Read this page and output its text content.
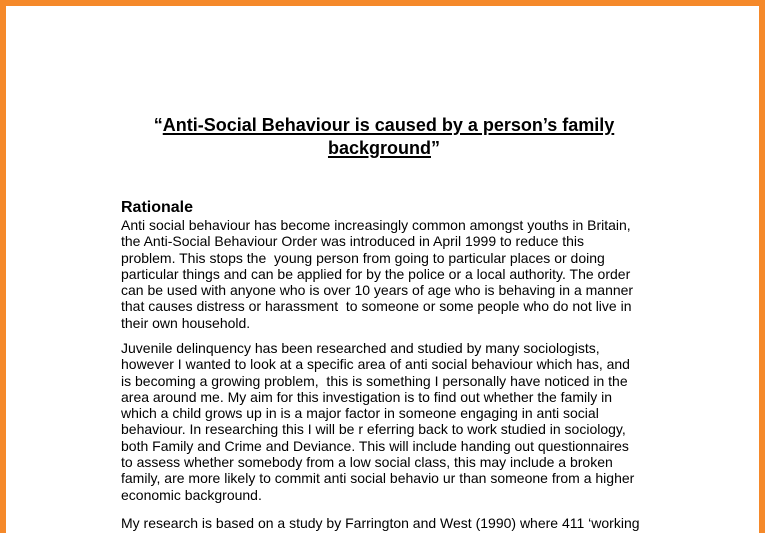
“Anti-Social Behaviour is caused by a person’s family
background”
Rationale

Anti social behaviour has become increasingly common amongst youths in Britain,
the Anti-Social Behaviour Order was introduced in April 1999 to reduce this
problem. This stops the  young person from going to particular places or doing
particular things and can be applied for by the police or a local authority. The order
can be used with anyone who is over 10 years of age who is behaving in a manner
that causes distress or harassment  to someone or some people who do not live in
their own household.

Juvenile delinquency has been researched and studied by many sociologists,
however I wanted to look at a specific area of anti social behaviour which has, and
is becoming a growing problem,  this is something I personally have noticed in the
area around me. My aim for this investigation is to find out whether the family in
which a child grows up in is a major factor in someone engaging in anti social
behaviour. In researching this I will be r eferring back to work studied in sociology,
both Family and Crime and Deviance. This will include handing out questionnaires
to assess whether somebody from a low social class, this may include a broken
family, are more likely to commit anti social behavio ur than someone from a higher
economic background.

My research is based on a study by Farrington and West (1990) where 411 ‘working
